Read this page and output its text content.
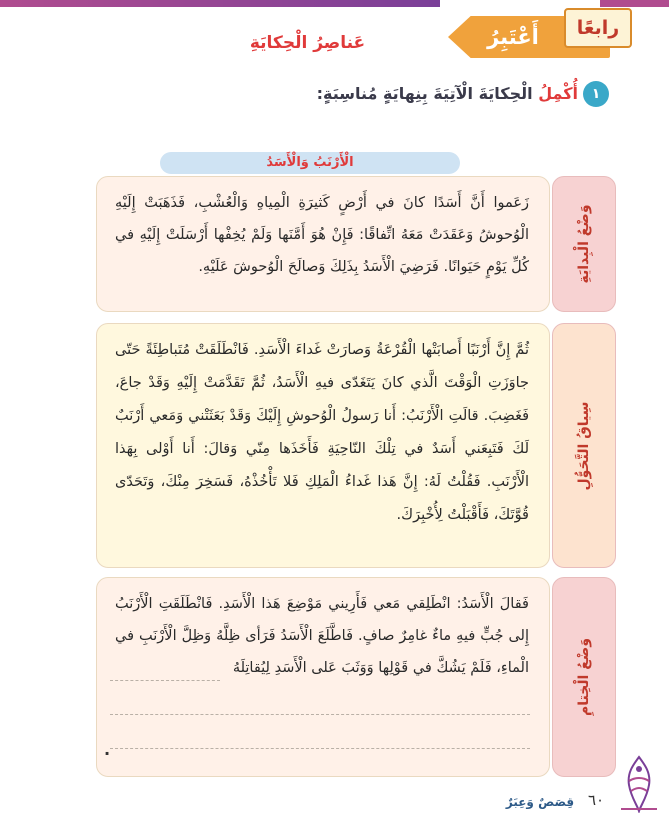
أَعْتَبِرُ	رابعًا
عَناصِرُ الْحِكايَةِ
١
أُكْمِلُ الْحِكايَةَ الْآتِيَةَ بِنِهايَةٍ مُناسِبَةٍ:
الْأَرْنَبُ وَالْأَسَدُ
زَعَموا أَنَّ أَسَدًا كانَ في أَرْضٍ كَثيرَةِ الْمِياهِ وَالْعُشْبِ، فَذَهَبَتْ إِلَيْهِ الْوُحوشُ وَعَقَدَتْ مَعَهُ اتِّفاقًا: فَإِنْ هُوَ أَمَّنَها وَلَمْ يُخِفْها أَرْسَلَتْ إِلَيْهِ في كُلِّ يَوْمٍ حَيَوانًا. فَرَضِيَ الْأَسَدُ بِذَلِكَ وَصالَحَ الْوُحوشَ عَلَيْهِ.	وَضْعُ الْبِدايَةِ
ثُمَّ إِنَّ أَرْنَبًا أَصابَتْها الْقُرْعَةُ وَصارَتْ غَداءَ الْأَسَدِ. فَانْطَلَقَتْ مُتَباطِئَةً حَتّى جاوَزَتِ الْوَقْتَ الَّذي كانَ يَتَغَدّى فيهِ الْأَسَدُ، ثُمَّ تَقَدَّمَتْ إِلَيْهِ وَقَدْ جاعَ، فَغَضِبَ. قالَتِ الْأَرْنَبُ: أَنا رَسولُ الْوُحوشِ إِلَيْكَ وَقَدْ بَعَثَتْني وَمَعي أَرْنَبٌ لَكَ فَتَبِعَني أَسَدٌ في تِلْكَ النّاحِيَةِ فَأَخَذَها مِنّي وَقالَ: أَنا أَوْلى بِهَذا الْأَرْنَبِ. فَقُلْتُ لَهُ: إِنَّ هَذا غَداءُ الْمَلِكِ فَلا تَأْخُذْهُ، فَسَخِرَ مِنْكَ، وَتَحَدّى قُوَّتَكَ، فَأَقْبَلْتُ لِأُخْبِرَكَ.
سِياقُ التَّحَوُّلِ
فَقالَ الْأَسَدُ: انْطَلِقي مَعي فَأَرِيني مَوْضِعَ هَذا الْأَسَدِ. فَانْطَلَقَتِ الْأَرْنَبُ إِلى جُبٍّ فيهِ ماءٌ غامِرٌ صافٍ. فَاطَّلَعَ الْأَسَدُ فَرَأى ظِلَّهُ وَظِلَّ الْأَرْنَبِ في الْماءِ، فَلَمْ يَشُكَّ في قَوْلِها وَوَثَبَ عَلى الْأَسَدِ لِيُقاتِلَهُ	وَضْعُ الْخِتامِ
.
قِصَصٌ وَعِبَرٌ ٦٠
